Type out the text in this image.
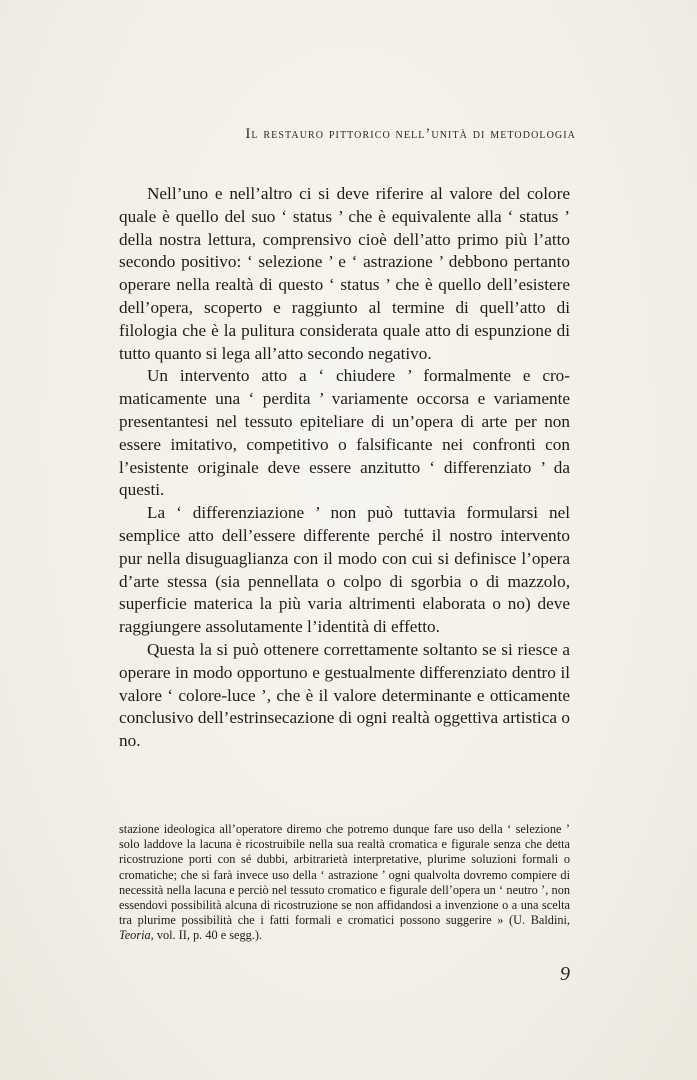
Il restauro pittorico nell’unità di metodologia

Nell’uno e nell’altro ci si deve riferire al valore del colore quale è quello del suo ‘ status ’ che è equivalente alla ‘ status ’ della nostra lettura, comprensivo cioè dell’atto primo più l’atto secondo positivo: ‘ selezione ’ e ‘ astrazione ’ debbono pertanto operare nella realtà di questo ‘ status ’ che è quello dell’esistere dell’opera, scoperto e raggiunto al termine di quell’atto di filologia che è la pulitura considerata quale atto di espunzione di tutto quanto si lega all’atto secondo negativo.

Un intervento atto a ‘ chiudere ’ formalmente e cromaticamente una ‘ perdita ’ variamente occorsa e variamente presentantesi nel tessuto epiteliare di un’opera di arte per non essere imitativo, competitivo o falsificante nei confronti con l’esistente originale deve essere anzitutto ‘ differenziato ’ da questi.

La ‘ differenziazione ’ non può tuttavia formularsi nel semplice atto dell’essere differente perché il nostro intervento pur nella disuguaglianza con il modo con cui si definisce l’opera d’arte stessa (sia pennellata o colpo di sgorbia o di mazzolo, superficie materica la più varia altrimenti elaborata o no) deve raggiungere assolutamente l’identità di effetto.

Questa la si può ottenere correttamente soltanto se si riesce a operare in modo opportuno e gestualmente differenziato dentro il valore ‘ colore-luce ’, che è il valore determinante e otticamente conclusivo dell’estrinsecazione di ogni realtà oggettiva artistica o no.

stazione ideologica all’operatore diremo che potremo dunque fare uso della ‘ selezione ’ solo laddove la lacuna è ricostruibile nella sua realtà cromatica e figurale senza che detta ricostruzione porti con sé dubbi, arbitrarietà interpretative, plurime soluzioni formali o cromatiche; che si farà invece uso della ‘ astrazione ’ ogni qualvolta dovremo compiere di necessità nella lacuna e perciò nel tessuto cromatico e figurale dell’opera un ‘ neutro ’, non essendovi possibilità alcuna di ricostruzione se non affidandosi a invenzione o a una scelta tra plurime possibilità che i fatti formali e cromatici possono suggerire » (U. Baldini, Teoria, vol. II, p. 40 e segg.).
9
